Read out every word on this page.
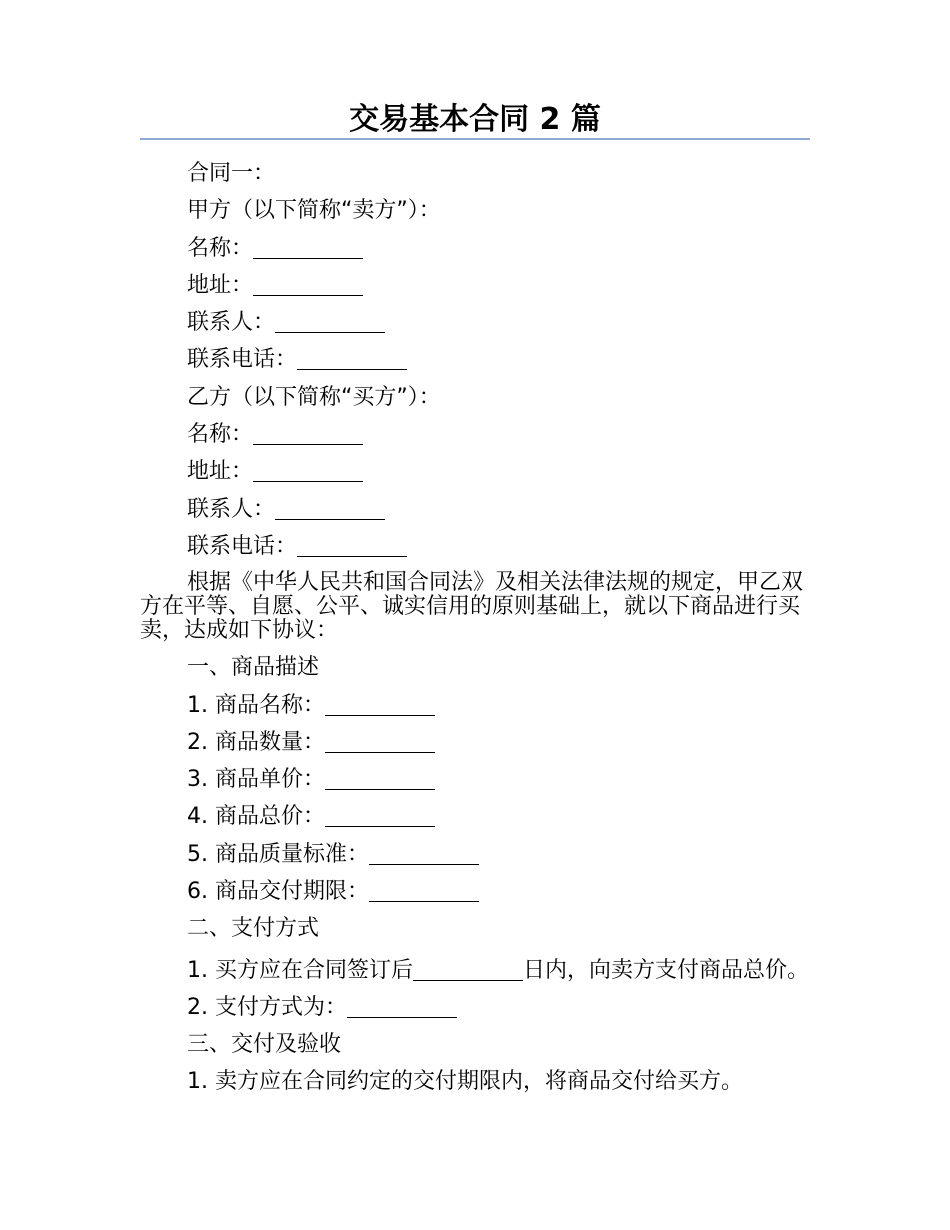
交易基本合同 2 篇
合同一：
甲方（以下简称“卖方”）：
名称：
地址：
联系人：
联系电话：
乙方（以下简称“买方”）：
名称：
地址：
联系人：
联系电话：
根据《中华人民共和国合同法》及相关法律法规的规定，甲乙双方在平等、自愿、公平、诚实信用的原则基础上，就以下商品进行买卖，达成如下协议：
一、商品描述
1. 商品名称：
2. 商品数量：
3. 商品单价：
4. 商品总价：
5. 商品质量标准：
6. 商品交付期限：
二、支付方式
1. 买方应在合同签订后	日内，向卖方支付商品总价。
2. 支付方式为：
三、交付及验收
1. 卖方应在合同约定的交付期限内，将商品交付给买方。
